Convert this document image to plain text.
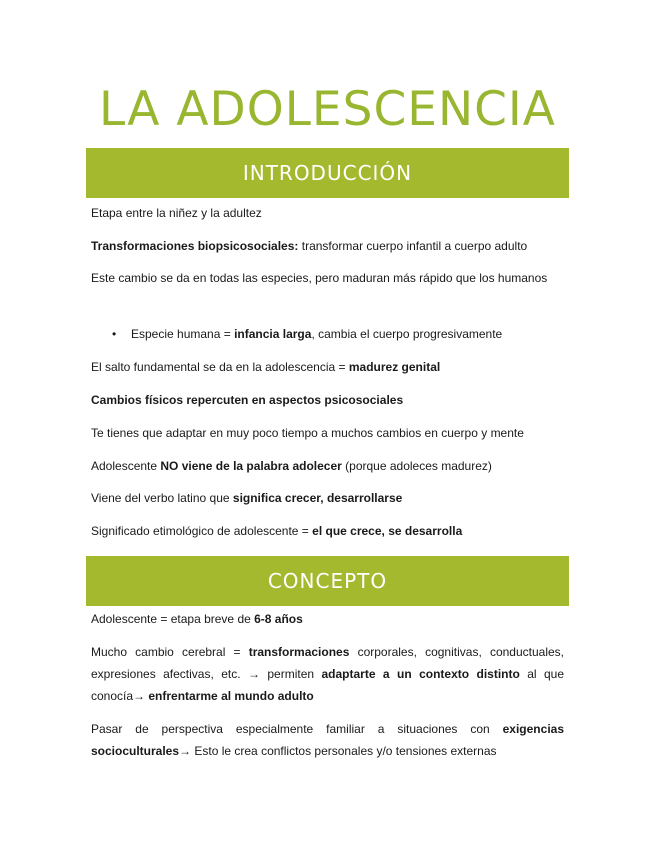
LA ADOLESCENCIA
INTRODUCCIÓN

Etapa entre la niñez y la adultez

Transformaciones biopsicosociales: transformar cuerpo infantil a cuerpo adulto

Este cambio se da en todas las especies, pero maduran más rápido que los humanos

• Especie humana = infancia larga, cambia el cuerpo progresivamente

El salto fundamental se da en la adolescencia = madurez genital

Cambios físicos repercuten en aspectos psicosociales

Te tienes que adaptar en muy poco tiempo a muchos cambios en cuerpo y mente

Adolescente NO viene de la palabra adolecer (porque adoleces madurez)

Viene del verbo latino que significa crecer, desarrollarse

Significado etimológico de adolescente = el que crece, se desarrolla

CONCEPTO

Adolescente = etapa breve de 6-8 años

Mucho cambio cerebral = transformaciones corporales, cognitivas, conductuales, expresiones afectivas, etc. → permiten adaptarte a un contexto distinto al que conocía→ enfrentarme al mundo adulto

Pasar de perspectiva especialmente familiar a situaciones con exigencias socioculturales→ Esto le crea conflictos personales y/o tensiones externas
